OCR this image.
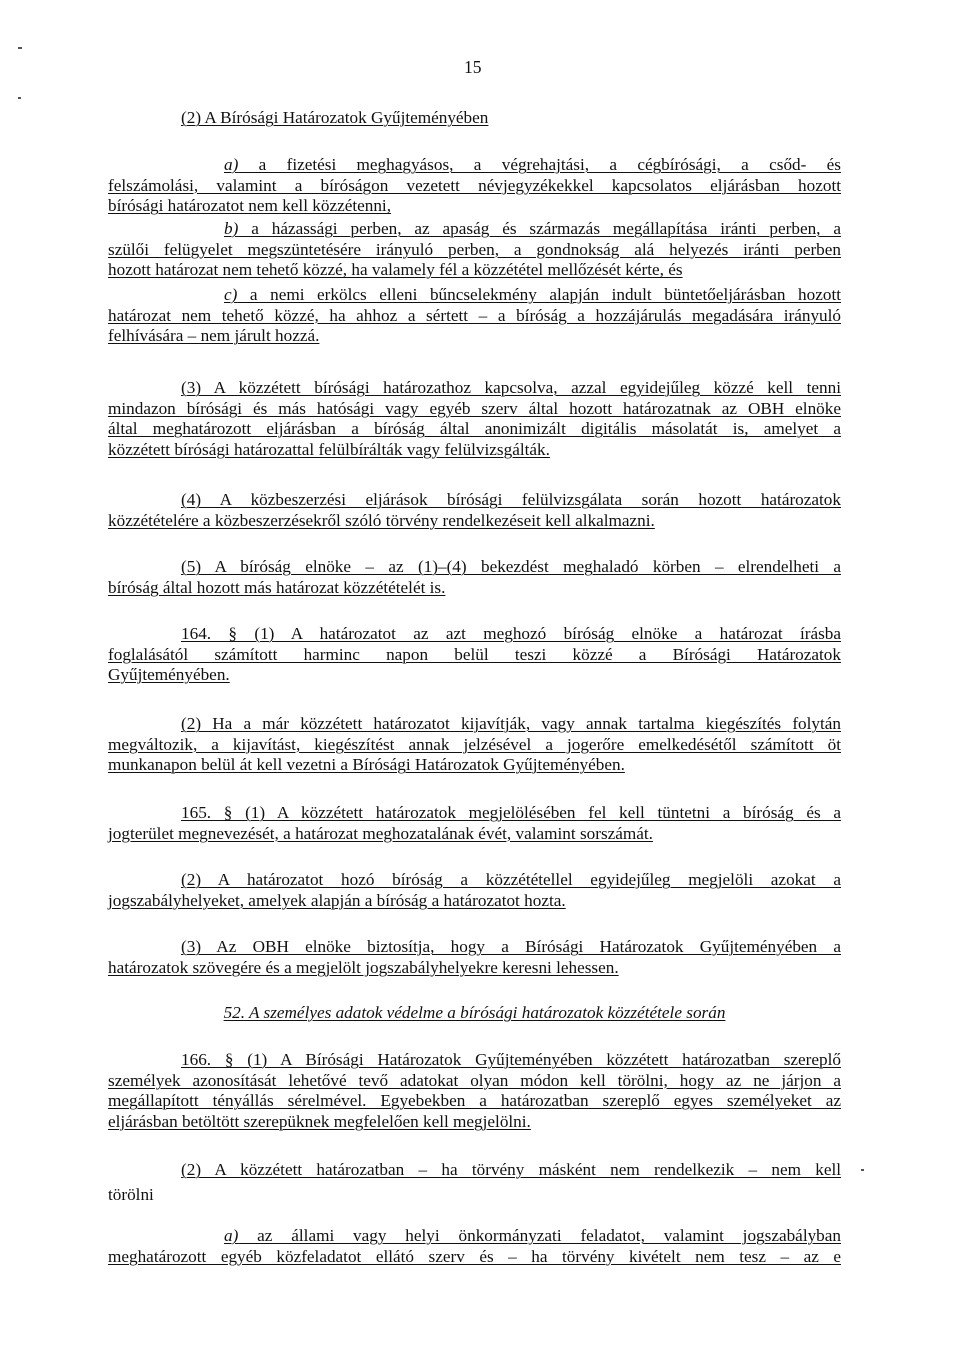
15
(2) A Bírósági Határozatok Gyűjteményében

a) a fizetési meghagyásos, a végrehajtási, a cégbírósági, a csőd- és

felszámolási, valamint a bíróságon vezetett névjegyzékekkel kapcsolatos eljárásban hozott

bírósági határozatot nem kell közzétenni,

b) a házassági perben, az apaság és származás megállapítása iránti perben, a

szülői felügyelet megszüntetésére irányuló perben, a gondnokság alá helyezés iránti perben

hozott határozat nem tehető közzé, ha valamely fél a közzététel mellőzését kérte, és

c) a nemi erkölcs elleni bűncselekmény alapján indult büntetőeljárásban hozott

határozat nem tehető közzé, ha ahhoz a sértett – a bíróság a hozzájárulás megadására irányuló

felhívására – nem járult hozzá.

(3) A közzétett bírósági határozathoz kapcsolva, azzal egyidejűleg közzé kell tenni

mindazon bírósági és más hatósági vagy egyéb szerv által hozott határozatnak az OBH elnöke

által meghatározott eljárásban a bíróság által anonimizált digitális másolatát is, amelyet a

közzétett bírósági határozattal felülbírálták vagy felülvizsgálták.

(4) A közbeszerzési eljárások bírósági felülvizsgálata során hozott határozatok

közzétételére a közbeszerzésekről szóló törvény rendelkezéseit kell alkalmazni.

(5) A bíróság elnöke – az (1)–(4) bekezdést meghaladó körben – elrendelheti a

bíróság által hozott más határozat közzétételét is.

164. § (1) A határozatot az azt meghozó bíróság elnöke a határozat írásba

foglalásától számított harminc napon belül teszi közzé a Bírósági Határozatok

Gyűjteményében.

(2) Ha a már közzétett határozatot kijavítják, vagy annak tartalma kiegészítés folytán

megváltozik, a kijavítást, kiegészítést annak jelzésével a jogerőre emelkedésétől számított öt

munkanapon belül át kell vezetni a Bírósági Határozatok Gyűjteményében.

165. § (1) A közzétett határozatok megjelölésében fel kell tüntetni a bíróság és a

jogterület megnevezését, a határozat meghozatalának évét, valamint sorszámát.

(2) A határozatot hozó bíróság a közzététellel egyidejűleg megjelöli azokat a

jogszabályhelyeket, amelyek alapján a bíróság a határozatot hozta.

(3) Az OBH elnöke biztosítja, hogy a Bírósági Határozatok Gyűjteményében a

határozatok szövegére és a megjelölt jogszabályhelyekre keresni lehessen.

52. A személyes adatok védelme a bírósági határozatok közzététele során

166. § (1) A Bírósági Határozatok Gyűjteményében közzétett határozatban szereplő

személyek azonosítását lehetővé tevő adatokat olyan módon kell törölni, hogy az ne járjon a

megállapított tényállás sérelmével. Egyebekben a határozatban szereplő egyes személyeket az

eljárásban betöltött szerepüknek megfelelően kell megjelölni.

(2) A közzétett határozatban – ha törvény másként nem rendelkezik – nem kell

törölni

a) az állami vagy helyi önkormányzati feladatot, valamint jogszabályban

meghatározott egyéb közfeladatot ellátó szerv és – ha törvény kivételt nem tesz – az e
